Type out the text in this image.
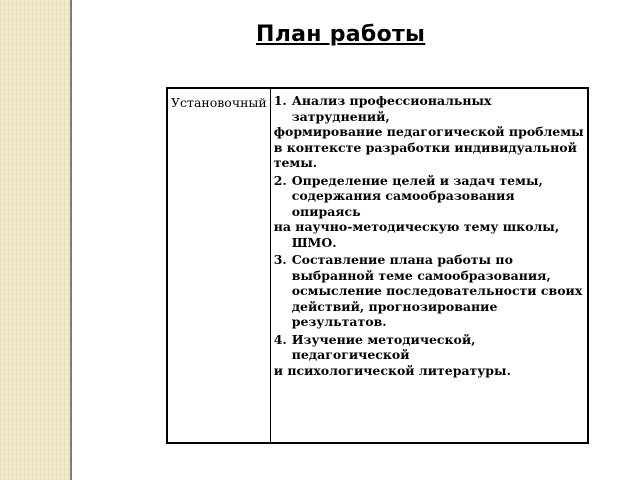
План работы
Установочный	1. Анализ профессиональных затруднений,
формирование педагогической проблемы
в контексте разработки индивидуальной
темы.
2. Определение целей и задач темы, содержания самообразования опираясь
на научно-методическую тему школы, ШМО.
3. Составление плана работы по выбранной теме самообразования, осмысление последовательности своих действий, прогнозирование результатов.
4. Изучение методической, педагогической
и психологической литературы.
